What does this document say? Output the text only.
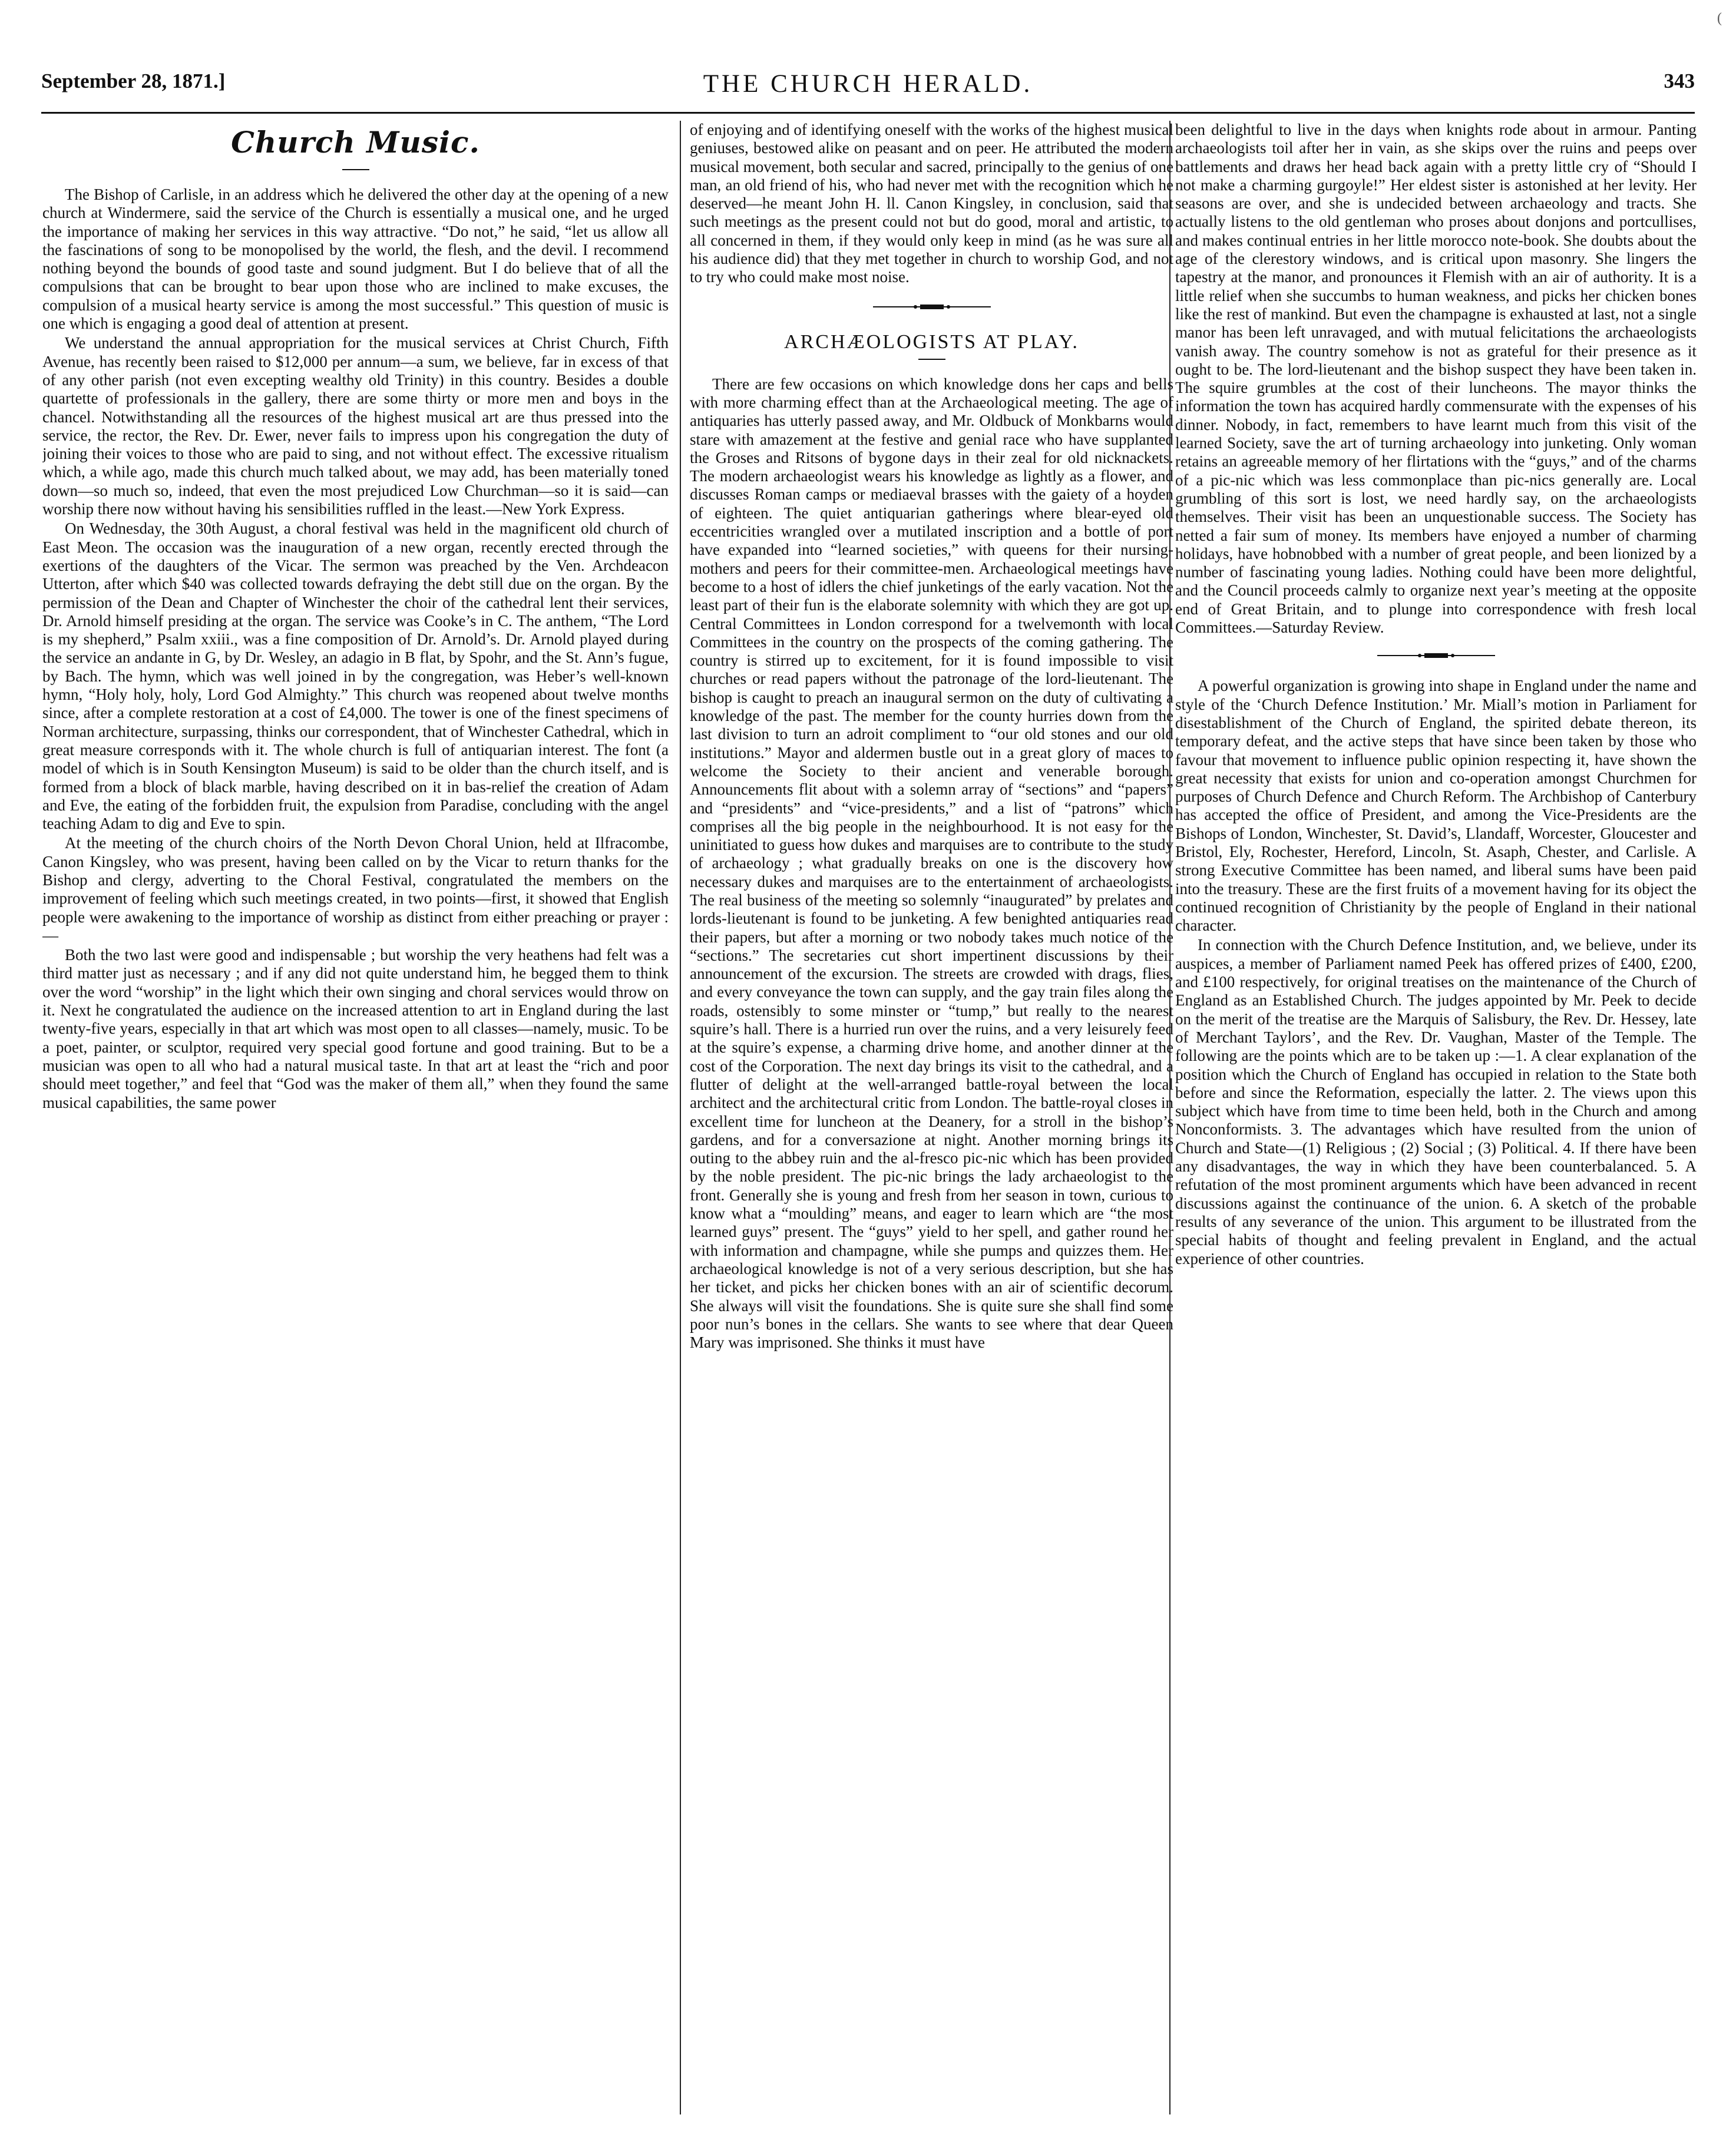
(
September 28, 1871.]	THE CHURCH HERALD.	343
Church Music.

The Bishop of Carlisle, in an address which he delivered the other day at the opening of a new church at Windermere, said the service of the Church is essentially a musical one, and he urged the importance of making her services in this way attractive. “Do not,” he said, “let us allow all the fascinations of song to be monopolised by the world, the flesh, and the devil. I recommend nothing beyond the bounds of good taste and sound judgment. But I do believe that of all the compulsions that can be brought to bear upon those who are inclined to make excuses, the compulsion of a musical hearty service is among the most successful.” This question of music is one which is engaging a good deal of attention at present.

We understand the annual appropriation for the musical services at Christ Church, Fifth Avenue, has recently been raised to $12,000 per annum—a sum, we believe, far in excess of that of any other parish (not even excepting wealthy old Trinity) in this country. Besides a double quartette of professionals in the gallery, there are some thirty or more men and boys in the chancel. Notwithstanding all the resources of the highest musical art are thus pressed into the service, the rector, the Rev. Dr. Ewer, never fails to impress upon his congregation the duty of joining their voices to those who are paid to sing, and not without effect. The excessive ritualism which, a while ago, made this church much talked about, we may add, has been materially toned down—so much so, indeed, that even the most prejudiced Low Churchman—so it is said—can worship there now without having his sensibilities ruffled in the least.—New York Express.

On Wednesday, the 30th August, a choral festival was held in the magnificent old church of East Meon. The occasion was the inauguration of a new organ, recently erected through the exertions of the daughters of the Vicar. The sermon was preached by the Ven. Archdeacon Utterton, after which $40 was collected towards defraying the debt still due on the organ. By the permission of the Dean and Chapter of Winchester the choir of the cathedral lent their services, Dr. Arnold himself presiding at the organ. The service was Cooke’s in C. The anthem, “The Lord is my shepherd,” Psalm xxiii., was a fine composition of Dr. Arnold’s. Dr. Arnold played during the service an andante in G, by Dr. Wesley, an adagio in B flat, by Spohr, and the St. Ann’s fugue, by Bach. The hymn, which was well joined in by the congregation, was Heber’s well-known hymn, “Holy holy, holy, Lord God Almighty.” This church was reopened about twelve months since, after a complete restoration at a cost of £4,000. The tower is one of the finest specimens of Norman architecture, surpassing, thinks our correspondent, that of Winchester Cathedral, which in great measure corresponds with it. The whole church is full of antiquarian interest. The font (a model of which is in South Kensington Museum) is said to be older than the church itself, and is formed from a block of black marble, having described on it in bas-relief the creation of Adam and Eve, the eating of the forbidden fruit, the expulsion from Paradise, concluding with the angel teaching Adam to dig and Eve to spin.

At the meeting of the church choirs of the North Devon Choral Union, held at Ilfracombe, Canon Kingsley, who was present, having been called on by the Vicar to return thanks for the Bishop and clergy, adverting to the Choral Festival, congratulated the members on the improvement of feeling which such meetings created, in two points—first, it showed that English people were awakening to the importance of worship as distinct from either preaching or prayer :—

Both the two last were good and indispensable ; but worship the very heathens had felt was a third matter just as necessary ; and if any did not quite understand him, he begged them to think over the word “worship” in the light which their own singing and choral services would throw on it. Next he congratulated the audience on the increased attention to art in England during the last twenty-five years, especially in that art which was most open to all classes—namely, music. To be a poet, painter, or sculptor, required very special good fortune and good training. But to be a musician was open to all who had a natural musical taste. In that art at least the “rich and poor should meet together,” and feel that “God was the maker of them all,” when they found the same musical capabilities, the same power

of enjoying and of identifying oneself with the works of the highest musical geniuses, bestowed alike on peasant and on peer. He attributed the modern musical movement, both secular and sacred, principally to the genius of one man, an old friend of his, who had never met with the recognition which he deserved—he meant John H. ll. Canon Kingsley, in conclusion, said that such meetings as the present could not but do good, moral and artistic, to all concerned in them, if they would only keep in mind (as he was sure all his audience did) that they met together in church to worship God, and not to try who could make most noise.

ARCHÆOLOGISTS AT PLAY.

There are few occasions on which knowledge dons her caps and bells with more charming effect than at the Archaeological meeting. The age of antiquaries has utterly passed away, and Mr. Oldbuck of Monkbarns would stare with amazement at the festive and genial race who have supplanted the Groses and Ritsons of bygone days in their zeal for old nicknackets. The modern archaeologist wears his knowledge as lightly as a flower, and discusses Roman camps or mediaeval brasses with the gaiety of a hoyden of eighteen. The quiet antiquarian gatherings where blear-eyed old eccentricities wrangled over a mutilated inscription and a bottle of port have expanded into “learned societies,” with queens for their nursing-mothers and peers for their committee-men. Archaeological meetings have become to a host of idlers the chief junketings of the early vacation. Not the least part of their fun is the elaborate solemnity with which they are got up. Central Committees in London correspond for a twelvemonth with local Committees in the country on the prospects of the coming gathering. The country is stirred up to excitement, for it is found impossible to visit churches or read papers without the patronage of the lord-lieutenant. The bishop is caught to preach an inaugural sermon on the duty of cultivating a knowledge of the past. The member for the county hurries down from the last division to turn an adroit compliment to “our old stones and our old institutions.” Mayor and aldermen bustle out in a great glory of maces to welcome the Society to their ancient and venerable borough. Announcements flit about with a solemn array of “sections” and “papers” and “presidents” and “vice-presidents,” and a list of “patrons” which comprises all the big people in the neighbourhood. It is not easy for the uninitiated to guess how dukes and marquises are to contribute to the study of archaeology ; what gradually breaks on one is the discovery how necessary dukes and marquises are to the entertainment of archaeologists. The real business of the meeting so solemnly “inaugurated” by prelates and lords-lieutenant is found to be junketing. A few benighted antiquaries read their papers, but after a morning or two nobody takes much notice of the “sections.” The secretaries cut short impertinent discussions by their announcement of the excursion. The streets are crowded with drags, flies, and every conveyance the town can supply, and the gay train files along the roads, ostensibly to some minster or “tump,” but really to the nearest squire’s hall. There is a hurried run over the ruins, and a very leisurely feed at the squire’s expense, a charming drive home, and another dinner at the cost of the Corporation. The next day brings its visit to the cathedral, and a flutter of delight at the well-arranged battle-royal between the local architect and the architectural critic from London. The battle-royal closes in excellent time for luncheon at the Deanery, for a stroll in the bishop’s gardens, and for a conversazione at night. Another morning brings its outing to the abbey ruin and the al-fresco pic-nic which has been provided by the noble president. The pic-nic brings the lady archaeologist to the front. Generally she is young and fresh from her season in town, curious to know what a “moulding” means, and eager to learn which are “the most learned guys” present. The “guys” yield to her spell, and gather round her with information and champagne, while she pumps and quizzes them. Her archaeological knowledge is not of a very serious description, but she has her ticket, and picks her chicken bones with an air of scientific decorum. She always will visit the foundations. She is quite sure she shall find some poor nun’s bones in the cellars. She wants to see where that dear Queen Mary was imprisoned. She thinks it must have

been delightful to live in the days when knights rode about in armour. Panting archaeologists toil after her in vain, as she skips over the ruins and peeps over battlements and draws her head back again with a pretty little cry of “Should I not make a charming gurgoyle!” Her eldest sister is astonished at her levity. Her seasons are over, and she is undecided between archaeology and tracts. She actually listens to the old gentleman who proses about donjons and portcullises, and makes continual entries in her little morocco note-book. She doubts about the age of the clerestory windows, and is critical upon masonry. She lingers the tapestry at the manor, and pronounces it Flemish with an air of authority. It is a little relief when she succumbs to human weakness, and picks her chicken bones like the rest of mankind. But even the champagne is exhausted at last, not a single manor has been left unravaged, and with mutual felicitations the archaeologists vanish away. The country somehow is not as grateful for their presence as it ought to be. The lord-lieutenant and the bishop suspect they have been taken in. The squire grumbles at the cost of their luncheons. The mayor thinks the information the town has acquired hardly commensurate with the expenses of his dinner. Nobody, in fact, remembers to have learnt much from this visit of the learned Society, save the art of turning archaeology into junketing. Only woman retains an agreeable memory of her flirtations with the “guys,” and of the charms of a pic-nic which was less commonplace than pic-nics generally are. Local grumbling of this sort is lost, we need hardly say, on the archaeologists themselves. Their visit has been an unquestionable success. The Society has netted a fair sum of money. Its members have enjoyed a number of charming holidays, have hobnobbed with a number of great people, and been lionized by a number of fascinating young ladies. Nothing could have been more delightful, and the Council proceeds calmly to organize next year’s meeting at the opposite end of Great Britain, and to plunge into correspondence with fresh local Committees.—Saturday Review.

A powerful organization is growing into shape in England under the name and style of the ‘Church Defence Institution.’ Mr. Miall’s motion in Parliament for disestablishment of the Church of England, the spirited debate thereon, its temporary defeat, and the active steps that have since been taken by those who favour that movement to influence public opinion respecting it, have shown the great necessity that exists for union and co-operation amongst Churchmen for purposes of Church Defence and Church Reform. The Archbishop of Canterbury has accepted the office of President, and among the Vice-Presidents are the Bishops of London, Winchester, St. David’s, Llandaff, Worcester, Gloucester and Bristol, Ely, Rochester, Hereford, Lincoln, St. Asaph, Chester, and Carlisle. A strong Executive Committee has been named, and liberal sums have been paid into the treasury. These are the first fruits of a movement having for its object the continued recognition of Christianity by the people of England in their national character.

In connection with the Church Defence Institution, and, we believe, under its auspices, a member of Parliament named Peek has offered prizes of £400, £200, and £100 respectively, for original treatises on the maintenance of the Church of England as an Established Church. The judges appointed by Mr. Peek to decide on the merit of the treatise are the Marquis of Salisbury, the Rev. Dr. Hessey, late of Merchant Taylors’, and the Rev. Dr. Vaughan, Master of the Temple. The following are the points which are to be taken up :—1. A clear explanation of the position which the Church of England has occupied in relation to the State both before and since the Reformation, especially the latter. 2. The views upon this subject which have from time to time been held, both in the Church and among Nonconformists. 3. The advantages which have resulted from the union of Church and State—(1) Religious ; (2) Social ; (3) Political. 4. If there have been any disadvantages, the way in which they have been counterbalanced. 5. A refutation of the most prominent arguments which have been advanced in recent discussions against the continuance of the union. 6. A sketch of the probable results of any severance of the union. This argument to be illustrated from the special habits of thought and feeling prevalent in England, and the actual experience of other countries.
